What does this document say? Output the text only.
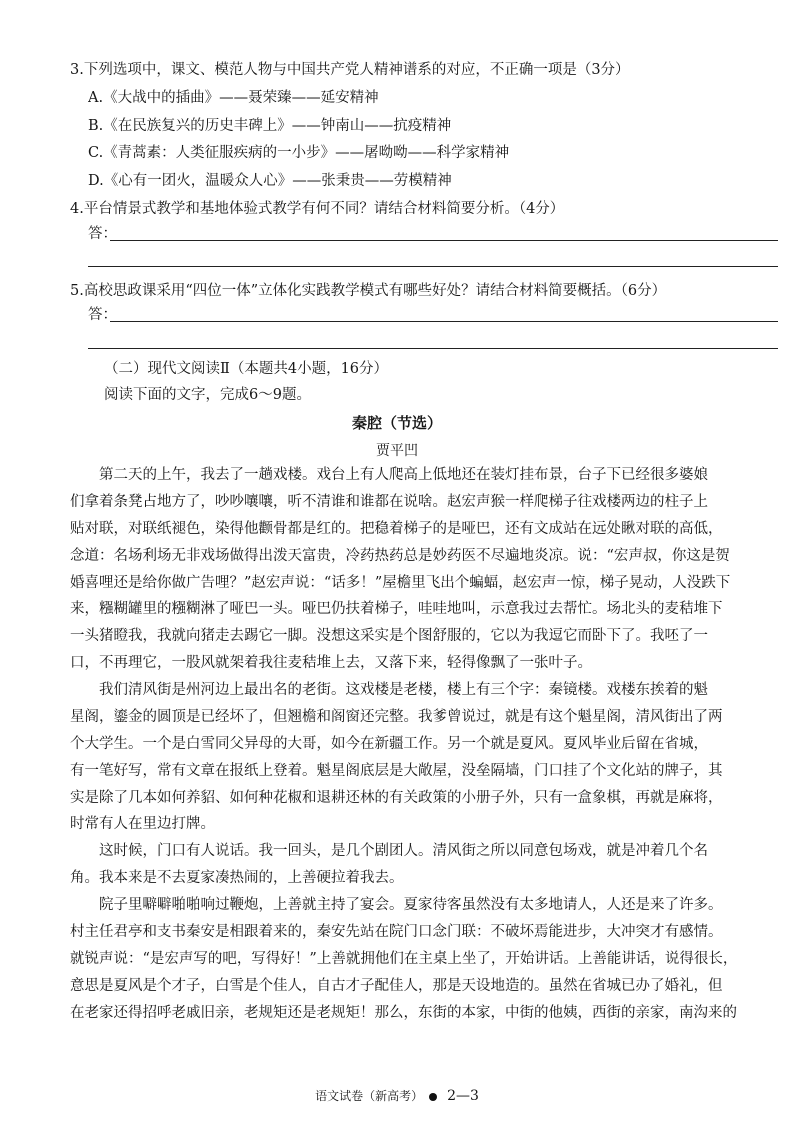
3.下列选项中，课文、模范人物与中国共产党人精神谱系的对应，不正确一项是（3分）
A.《大战中的插曲》——聂荣臻——延安精神
B.《在民族复兴的历史丰碑上》——钟南山——抗疫精神
C.《青蒿素：人类征服疾病的一小步》——屠呦呦——科学家精神
D.《心有一团火，温暖众人心》——张秉贵——劳模精神
4.平台情景式教学和基地体验式教学有何不同？请结合材料简要分析。（4分）
答：
5.高校思政课采用“四位一体”立体化实践教学模式有哪些好处？请结合材料简要概括。（6分）
答：
（二）现代文阅读Ⅱ（本题共4小题，16分）
阅读下面的文字，完成6～9题。
秦腔（节选）
贾平凹
第二天的上午，我去了一趟戏楼。戏台上有人爬高上低地还在装灯挂布景，台子下已经很多婆娘
们拿着条凳占地方了，吵吵嚷嚷，听不清谁和谁都在说啥。赵宏声猴一样爬梯子往戏楼两边的柱子上
贴对联，对联纸褪色，染得他颧骨都是红的。把稳着梯子的是哑巴，还有文成站在远处瞅对联的高低，
念道：名场利场无非戏场做得出泼天富贵，冷药热药总是妙药医不尽遍地炎凉。说：“宏声叔，你这是贺
婚喜哩还是给你做广告哩？”赵宏声说：“话多！”屋檐里飞出个蝙蝠，赵宏声一惊，梯子晃动，人没跌下
来，糨糊罐里的糨糊淋了哑巴一头。哑巴仍扶着梯子，哇哇地叫，示意我过去帮忙。场北头的麦秸堆下
一头猪瞪我，我就向猪走去踢它一脚。没想这采实是个图舒服的，它以为我逗它而卧下了。我呸了一
口，不再理它，一股风就架着我往麦秸堆上去，又落下来，轻得像飘了一张叶子。
我们清风街是州河边上最出名的老街。这戏楼是老楼，楼上有三个字：秦镜楼。戏楼东挨着的魁
星阁，鎏金的圆顶是已经坏了，但翘檐和阁窗还完整。我爹曾说过，就是有这个魁星阁，清风街出了两
个大学生。一个是白雪同父异母的大哥，如今在新疆工作。另一个就是夏风。夏风毕业后留在省城，
有一笔好写，常有文章在报纸上登着。魁星阁底层是大敞屋，没垒隔墙，门口挂了个文化站的牌子，其
实是除了几本如何养貂、如何种花椒和退耕还林的有关政策的小册子外，只有一盒象棋，再就是麻将，
时常有人在里边打牌。
这时候，门口有人说话。我一回头，是几个剧团人。清风街之所以同意包场戏，就是冲着几个名
角。我本来是不去夏家凑热闹的，上善硬拉着我去。
院子里噼噼啪啪响过鞭炮，上善就主持了宴会。夏家待客虽然没有太多地请人，人还是来了许多。
村主任君亭和支书秦安是相跟着来的，秦安先站在院门口念门联：不破坏焉能进步，大冲突才有感情。
就锐声说：“是宏声写的吧，写得好！”上善就拥他们在主桌上坐了，开始讲话。上善能讲话，说得很长，
意思是夏风是个才子，白雪是个佳人，自古才子配佳人，那是天设地造的。虽然在省城已办了婚礼，但
在老家还得招呼老戚旧亲，老规矩还是老规矩！那么，东街的本家，中街的他姨，西街的亲家，南沟来的
语文试卷（新高考） 2—3
